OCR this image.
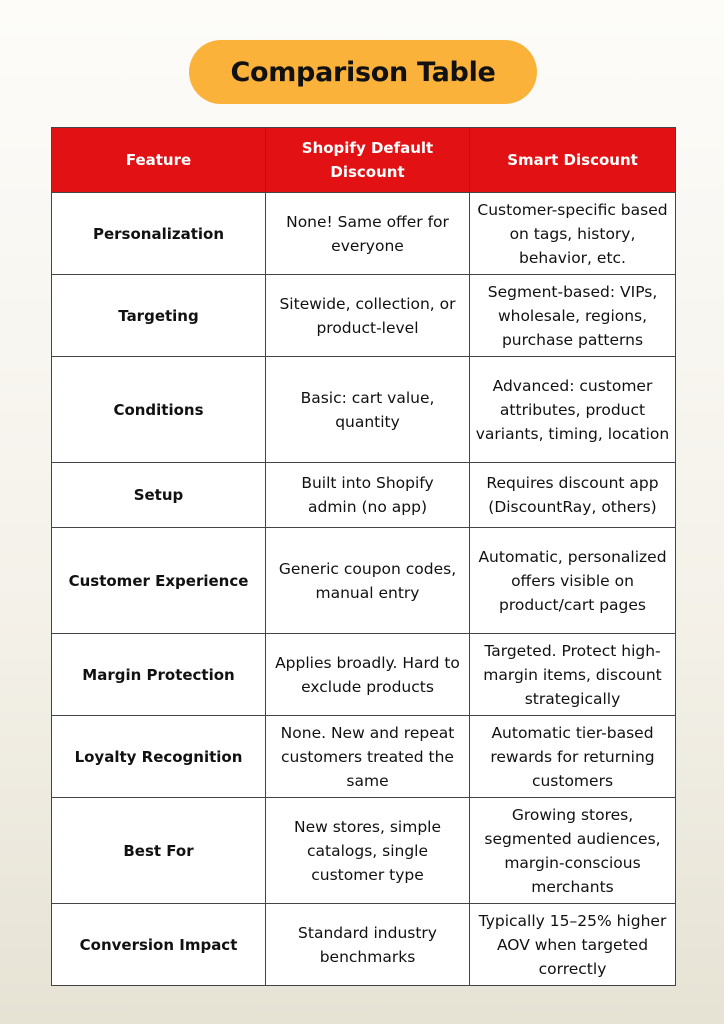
Comparison Table
Feature	Shopify Default Discount	Smart Discount
Personalization	None! Same offer for everyone	Customer-specific based on tags, history, behavior, etc.
Targeting	Sitewide, collection, or product-level	Segment-based: VIPs, wholesale, regions, purchase patterns
Conditions	Basic: cart value, quantity	Advanced: customer attributes, product variants, timing, location
Setup	Built into Shopify admin (no app)	Requires discount app (DiscountRay, others)
Customer Experience	Generic coupon codes, manual entry	Automatic, personalized offers visible on product/cart pages
Margin Protection	Applies broadly. Hard to exclude products	Targeted. Protect high-margin items, discount strategically
Loyalty Recognition	None. New and repeat customers treated the same	Automatic tier-based rewards for returning customers
Best For	New stores, simple catalogs, single customer type	Growing stores, segmented audiences, margin-conscious merchants
Conversion Impact	Standard industry benchmarks	Typically 15–25% higher AOV when targeted correctly
